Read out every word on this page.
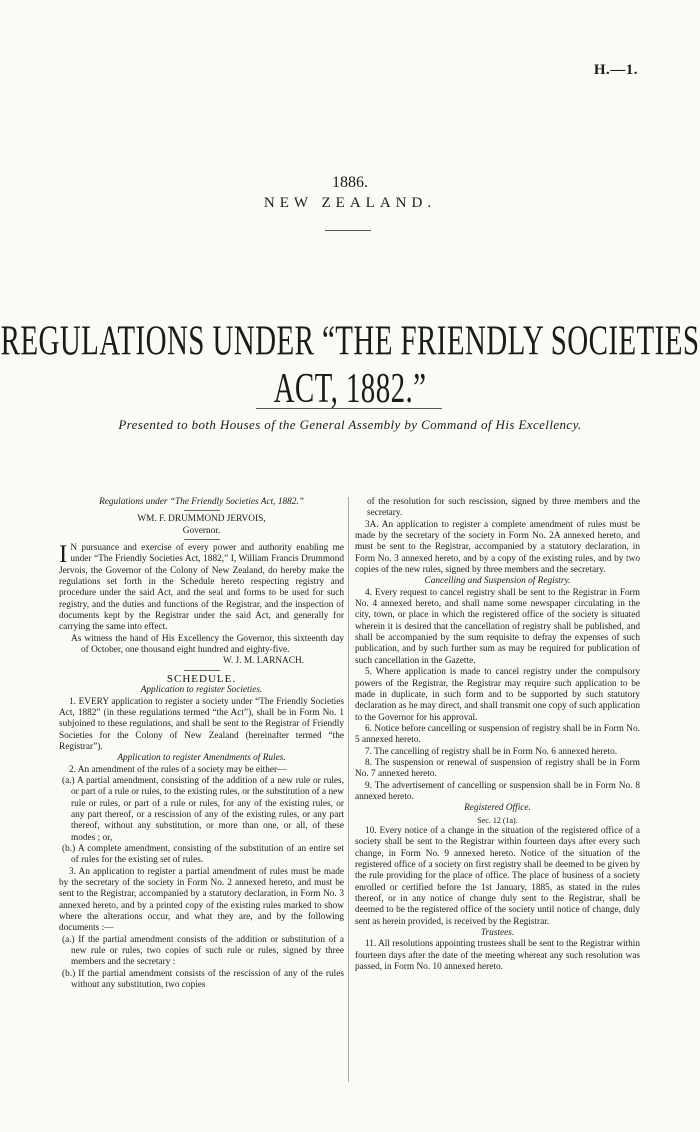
H.—1.
1886.
NEW ZEALAND.
REGULATIONS UNDER “THE FRIENDLY SOCIETIES ACT, 1882.”
Presented to both Houses of the General Assembly by Command of His Excellency.

Regulations under “The Friendly Societies Act, 1882.”

WM. F. DRUMMOND JERVOIS,

Governor.

I N pursuance and exercise of every power and authority enabling me under “The Friendly Societies Act, 1882,” I, William Francis Drummond Jervois, the Governor of the Colony of New Zealand, do hereby make the regulations set forth in the Schedule hereto respecting registry and procedure under the said Act, and the seal and forms to be used for such registry, and the duties and functions of the Registrar, and the inspection of documents kept by the Registrar under the said Act, and generally for carrying the same into effect.

As witness the hand of His Excellency the Governor, this sixteenth day of October, one thousand eight hundred and eighty-five.

W. J. M. LARNACH.

SCHEDULE.

Application to register Societies.

1. EVERY application to register a society under “The Friendly Societies Act, 1882” (in these regulations termed “the Act”), shall be in Form No. 1 subjoined to these regulations, and shall be sent to the Registrar of Friendly Societies for the Colony of New Zealand (hereinafter termed “the Registrar”).

Application to register Amendments of Rules.

2. An amendment of the rules of a society may be either—

(a.) A partial amendment, consisting of the addition of a new rule or rules, or part of a rule or rules, to the existing rules, or the substitution of a new rule or rules, or part of a rule or rules, for any of the existing rules, or any part thereof, or a rescission of any of the existing rules, or any part thereof, without any substitution, or more than one, or all, of these modes ; or,

(b.) A complete amendment, consisting of the substitution of an entire set of rules for the existing set of rules.

3. An application to register a partial amendment of rules must be made by the secretary of the society in Form No. 2 annexed hereto, and must be sent to the Registrar, accompanied by a statutory declaration, in Form No. 3 annexed hereto, and by a printed copy of the existing rules marked to show where the alterations occur, and what they are, and by the following documents :—

(a.) If the partial amendment consists of the addition or substitution of a new rule or rules, two copies of such rule or rules, signed by three members and the secretary :

(b.) If the partial amendment consists of the rescission of any of the rules without any substitution, two copies

of the resolution for such rescission, signed by three members and the secretary.

3A. An application to register a complete amendment of rules must be made by the secretary of the society in Form No. 2A annexed hereto, and must be sent to the Registrar, accompanied by a statutory declaration, in Form No. 3 annexed hereto, and by a copy of the existing rules, and by two copies of the new rules, signed by three members and the secretary.

Cancelling and Suspension of Registry.

4. Every request to cancel registry shall be sent to the Registrar in Form No. 4 annexed hereto, and shall name some newspaper circulating in the city, town, or place in which the registered office of the society is situated wherein it is desired that the cancellation of registry shall be published, and shall be accompanied by the sum requisite to defray the expenses of such publication, and by such further sum as may be required for publication of such cancellation in the Gazette.

5. Where application is made to cancel registry under the compulsory powers of the Registrar, the Registrar may require such application to be made in duplicate, in such form and to be supported by such statutory declaration as he may direct, and shall transmit one copy of such application to the Governor for his approval.

6. Notice before cancelling or suspension of registry shall be in Form No. 5 annexed hereto.

7. The cancelling of registry shall be in Form No. 6 annexed hereto.

8. The suspension or renewal of suspension of registry shall be in Form No. 7 annexed hereto.

9. The advertisement of cancelling or suspension shall be in Form No. 8 annexed hereto.

Registered Office.

Sec. 12 (1a).

10. Every notice of a change in the situation of the registered office of a society shall be sent to the Registrar within fourteen days after every such change, in Form No. 9 annexed hereto. Notice of the situation of the registered office of a society on first registry shall be deemed to be given by the rule providing for the place of office. The place of business of a society enrolled or certified before the 1st January, 1885, as stated in the rules thereof, or in any notice of change duly sent to the Registrar, shall be deemed to be the registered office of the society until notice of change, duly sent as herein provided, is received by the Registrar.

Trustees.

11. All resolutions appointing trustees shall be sent to the Registrar within fourteen days after the date of the meeting whereat any such resolution was passed, in Form No. 10 annexed hereto.
